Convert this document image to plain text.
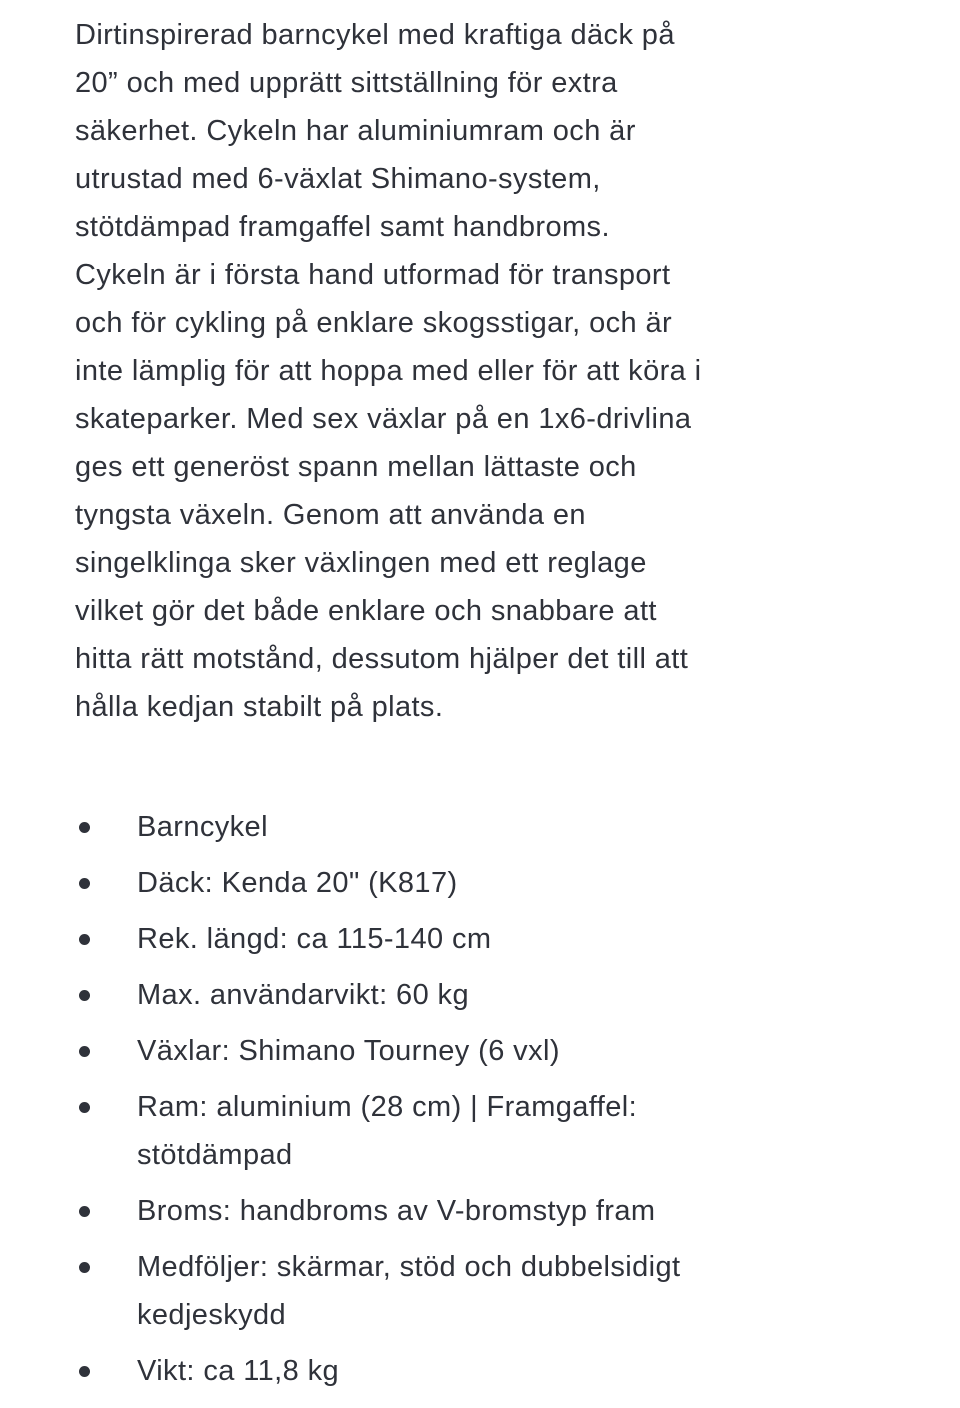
Dirtinspirerad barncykel med kraftiga däck på
20” och med upprätt sittställning för extra
säkerhet. Cykeln har aluminiumram och är
utrustad med 6-växlat Shimano-system,
stötdämpad framgaffel samt handbroms.
Cykeln är i första hand utformad för transport
och för cykling på enklare skogsstigar, och är
inte lämplig för att hoppa med eller för att köra i
skateparker. Med sex växlar på en 1x6-drivlina
ges ett generöst spann mellan lättaste och
tyngsta växeln. Genom att använda en
singelklinga sker växlingen med ett reglage
vilket gör det både enklare och snabbare att
hitta rätt motstånd, dessutom hjälper det till att
hålla kedjan stabilt på plats.
Barncykel
Däck: Kenda 20" (K817)
Rek. längd: ca 115-140 cm
Max. användarvikt: 60 kg
Växlar: Shimano Tourney (6 vxl)
Ram: aluminium (28 cm) | Framgaffel:
stötdämpad
Broms: handbroms av V-bromstyp fram
Medföljer: skärmar, stöd och dubbelsidigt
kedjeskydd
Vikt: ca 11,8 kg
